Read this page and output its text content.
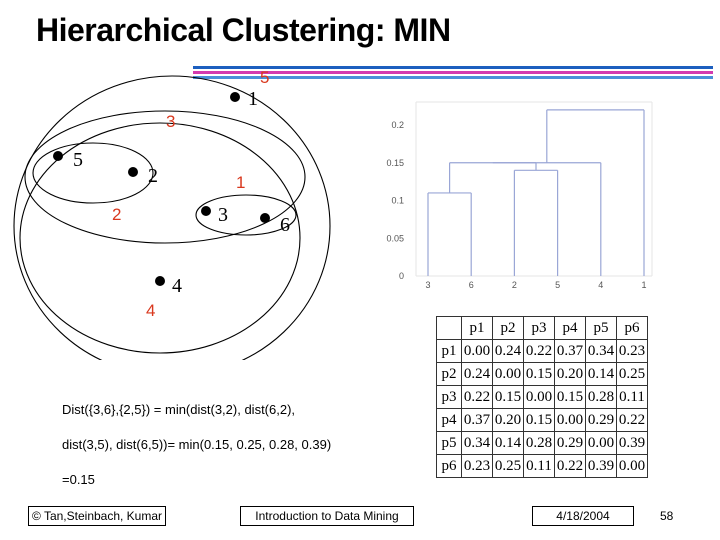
Hierarchical Clustering: MIN
1
2
3
4
5
6
1
2
3
4
5
0
0.05
0.1
0.15
0.2
3	6	2	5	4	1
	p1	p2	p3	p4	p5	p6
p1	0.00	0.24	0.22	0.37	0.34	0.23
p2	0.24	0.00	0.15	0.20	0.14	0.25
p3	0.22	0.15	0.00	0.15	0.28	0.11
p4	0.37	0.20	0.15	0.00	0.29	0.22
p5	0.34	0.14	0.28	0.29	0.00	0.39
p6	0.23	0.25	0.11	0.22	0.39	0.00
Dist({3,6},{2,5}) = min(dist(3,2), dist(6,2),
dist(3,5), dist(6,5))= min(0.15, 0.25, 0.28, 0.39)
=0.15
© Tan,Steinbach, Kumar	Introduction to Data Mining	4/18/2004	58
